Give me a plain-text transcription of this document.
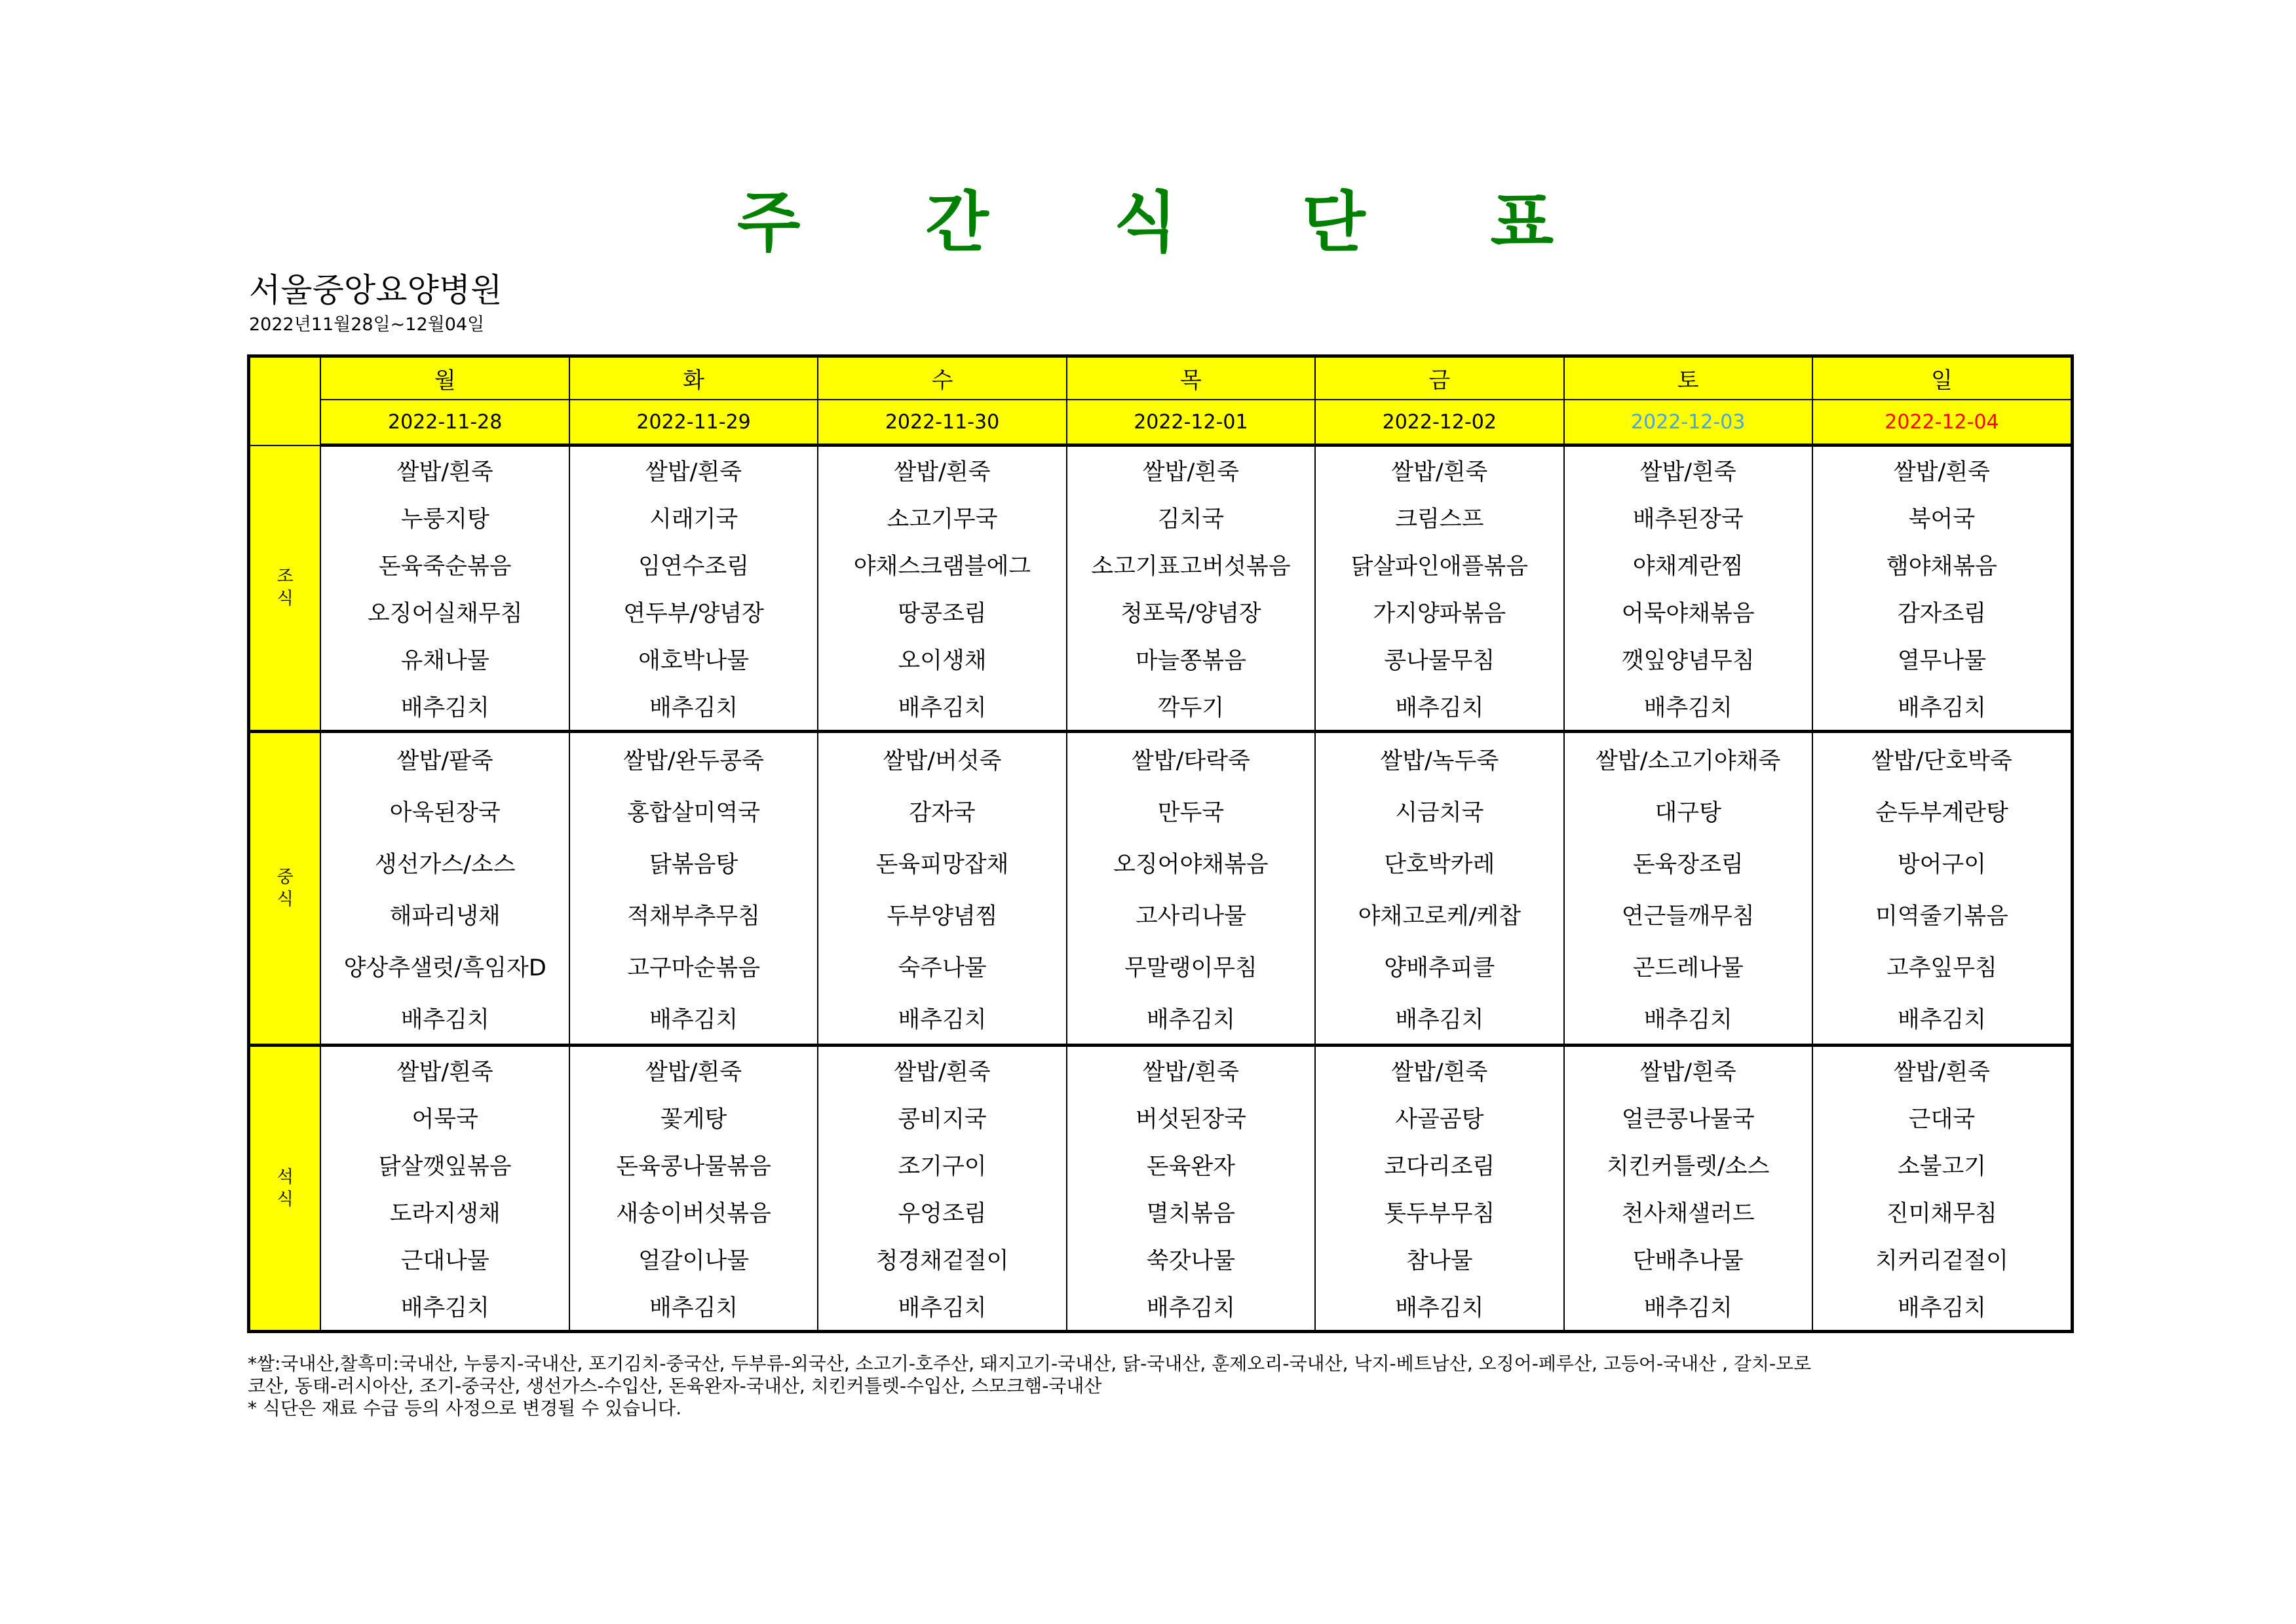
주 간 식 단 표
서울중앙요양병원
2022년11월28일~12월04일
	월	화	수	목	금	토	일
	2022-11-28	2022-11-29	2022-11-30	2022-12-01	2022-12-02	2022-12-03	2022-12-04

조
식	쌀밥/흰죽	쌀밥/흰죽	쌀밥/흰죽	쌀밥/흰죽	쌀밥/흰죽	쌀밥/흰죽	쌀밥/흰죽
	누룽지탕	시래기국	소고기무국	김치국	크림스프	배추된장국	북어국
	돈육죽순볶음	임연수조림	야채스크램블에그	소고기표고버섯볶음	닭살파인애플볶음	야채계란찜	햄야채볶음
	오징어실채무침	연두부/양념장	땅콩조림	청포묵/양념장	가지양파볶음	어묵야채볶음	감자조림
	유채나물	애호박나물	오이생채	마늘쫑볶음	콩나물무침	깻잎양념무침	열무나물
	배추김치	배추김치	배추김치	깍두기	배추김치	배추김치	배추김치

중
식	쌀밥/팥죽	쌀밥/완두콩죽	쌀밥/버섯죽	쌀밥/타락죽	쌀밥/녹두죽	쌀밥/소고기야채죽	쌀밥/단호박죽
	아욱된장국	홍합살미역국	감자국	만두국	시금치국	대구탕	순두부계란탕
	생선가스/소스	닭볶음탕	돈육피망잡채	오징어야채볶음	단호박카레	돈육장조림	방어구이
	해파리냉채	적채부추무침	두부양념찜	고사리나물	야채고로케/케찹	연근들깨무침	미역줄기볶음
	양상추샐럿/흑임자D	고구마순볶음	숙주나물	무말랭이무침	양배추피클	곤드레나물	고추잎무침
	배추김치	배추김치	배추김치	배추김치	배추김치	배추김치	배추김치

석
식	쌀밥/흰죽	쌀밥/흰죽	쌀밥/흰죽	쌀밥/흰죽	쌀밥/흰죽	쌀밥/흰죽	쌀밥/흰죽
	어묵국	꽃게탕	콩비지국	버섯된장국	사골곰탕	얼큰콩나물국	근대국
	닭살깻잎볶음	돈육콩나물볶음	조기구이	돈육완자	코다리조림	치킨커틀렛/소스	소불고기
	도라지생채	새송이버섯볶음	우엉조림	멸치볶음	톳두부무침	천사채샐러드	진미채무침
	근대나물	얼갈이나물	청경채겉절이	쑥갓나물	참나물	단배추나물	치커리겉절이
	배추김치	배추김치	배추김치	배추김치	배추김치	배추김치	배추김치
*쌀:국내산,찰흑미:국내산, 누룽지-국내산, 포기김치-중국산, 두부류-외국산, 소고기-호주산, 돼지고기-국내산, 닭-국내산, 훈제오리-국내산, 낙지-베트남산, 오징어-페루산, 고등어-국내산 , 갈치-모로
코산, 동태-러시아산, 조기-중국산, 생선가스-수입산, 돈육완자-국내산, 치킨커틀렛-수입산, 스모크햄-국내산
* 식단은 재료 수급 등의 사정으로 변경될 수 있습니다.
